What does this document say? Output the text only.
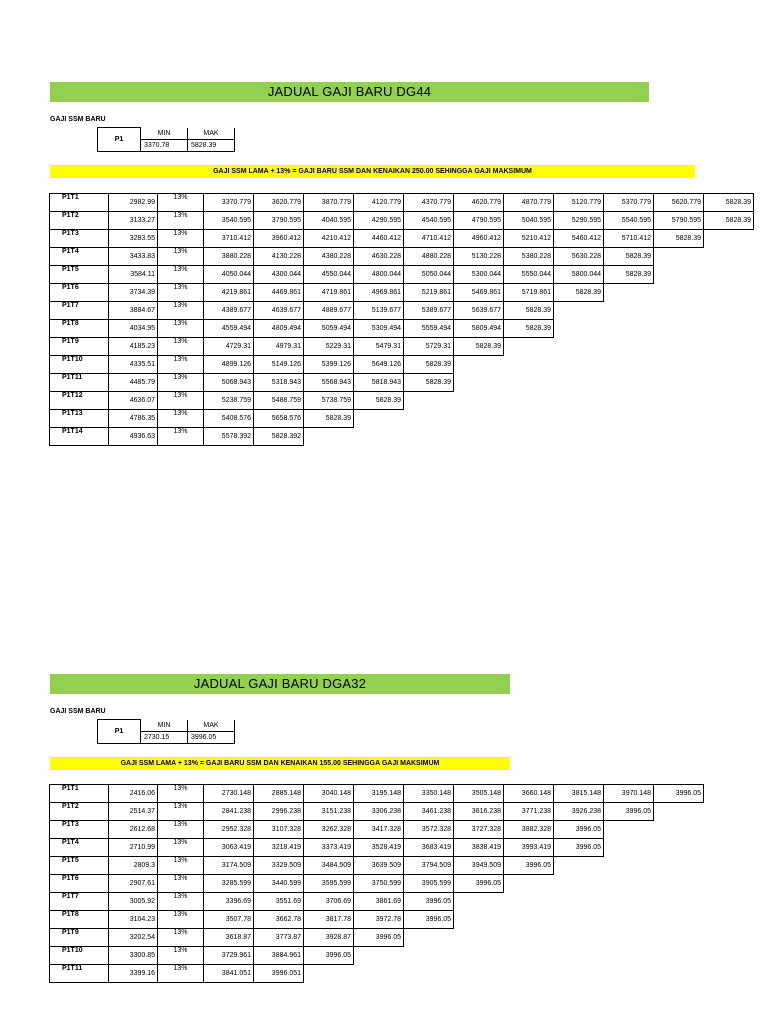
JADUAL GAJI BARU DG44
GAJI SSM BARU
P1	MIN	MAK
	3370.78	5828.39
GAJI SSM LAMA + 13% = GAJI BARU SSM DAN KENAIKAN 250.00 SEHINGGA GAJI MAKSIMUM
P1T1	2982.99	13%	3370.779	3620.779	3870.779	4120.779	4370.779	4620.779	4870.779	5120.779	5370.779	5620.779	5828.39
P1T2	3133.27	13%	3540.595	3790.595	4040.595	4290.595	4540.595	4790.595	5040.595	5290.595	5540.595	5790.595	5828.39
P1T3	3283.55	13%	3710.412	3960.412	4210.412	4460.412	4710.412	4960.412	5210.412	5460.412	5710.412	5828.39	
P1T4	3433.83	13%	3880.228	4130.228	4380.228	4630.228	4880.228	5130.228	5380.228	5630.228	5828.39		
P1T5	3584.11	13%	4050.044	4300.044	4550.044	4800.044	5050.044	5300.044	5550.044	5800.044	5828.39		
P1T6	3734.39	13%	4219.861	4469.861	4719.861	4969.861	5219.861	5469.861	5719.861	5828.39			
P1T7	3884.67	13%	4389.677	4639.677	4889.677	5139.677	5389.677	5639.677	5828.39				
P1T8	4034.95	13%	4559.494	4809.494	5059.494	5309.494	5559.494	5809.494	5828.39				
P1T9	4185.23	13%	4729.31	4979.31	5229.31	5479.31	5729.31	5828.39					
P1T10	4335.51	13%	4899.126	5149.126	5399.126	5649.126	5828.39						
P1T11	4485.79	13%	5068.943	5318.943	5568.943	5818.943	5828.39						
P1T12	4636.07	13%	5238.759	5488.759	5738.759	5828.39							
P1T13	4786.35	13%	5408.576	5658.576	5828.39								
P1T14	4936.63	13%	5578.392	5828.392									
JADUAL GAJI BARU DGA32
GAJI SSM BARU
P1	MIN	MAK
	2730.15	3996.05
GAJI SSM LAMA + 13% = GAJI BARU SSM DAN KENAIKAN 155.00 SEHINGGA GAJI MAKSIMUM
P1T1	2416.06	13%	2730.148	2885.148	3040.148	3195.148	3350.148	3505.148	3660.148	3815.148	3970.148	3996.05
P1T2	2514.37	13%	2841.238	2996.238	3151.238	3306.238	3461.238	3616.238	3771.238	3926.238	3996.05	
P1T3	2612.68	13%	2952.328	3107.328	3262.328	3417.328	3572.328	3727.328	3882.328	3996.05		
P1T4	2710.99	13%	3063.419	3218.419	3373.419	3528.419	3683.419	3838.419	3993.419	3996.05		
P1T5	2809.3	13%	3174.509	3329.509	3484.509	3639.509	3794.509	3949.509	3996.05			
P1T6	2907.61	13%	3285.599	3440.599	3595.599	3750.599	3905.599	3996.05				
P1T7	3005.92	13%	3396.69	3551.69	3706.69	3861.69	3996.05					
P1T8	3104.23	13%	3507.78	3662.78	3817.78	3972.78	3996.05					
P1T9	3202.54	13%	3618.87	3773.87	3928.87	3996.05						
P1T10	3300.85	13%	3729.961	3884.961	3996.05							
P1T11	3399.16	13%	3841.051	3996.051								
